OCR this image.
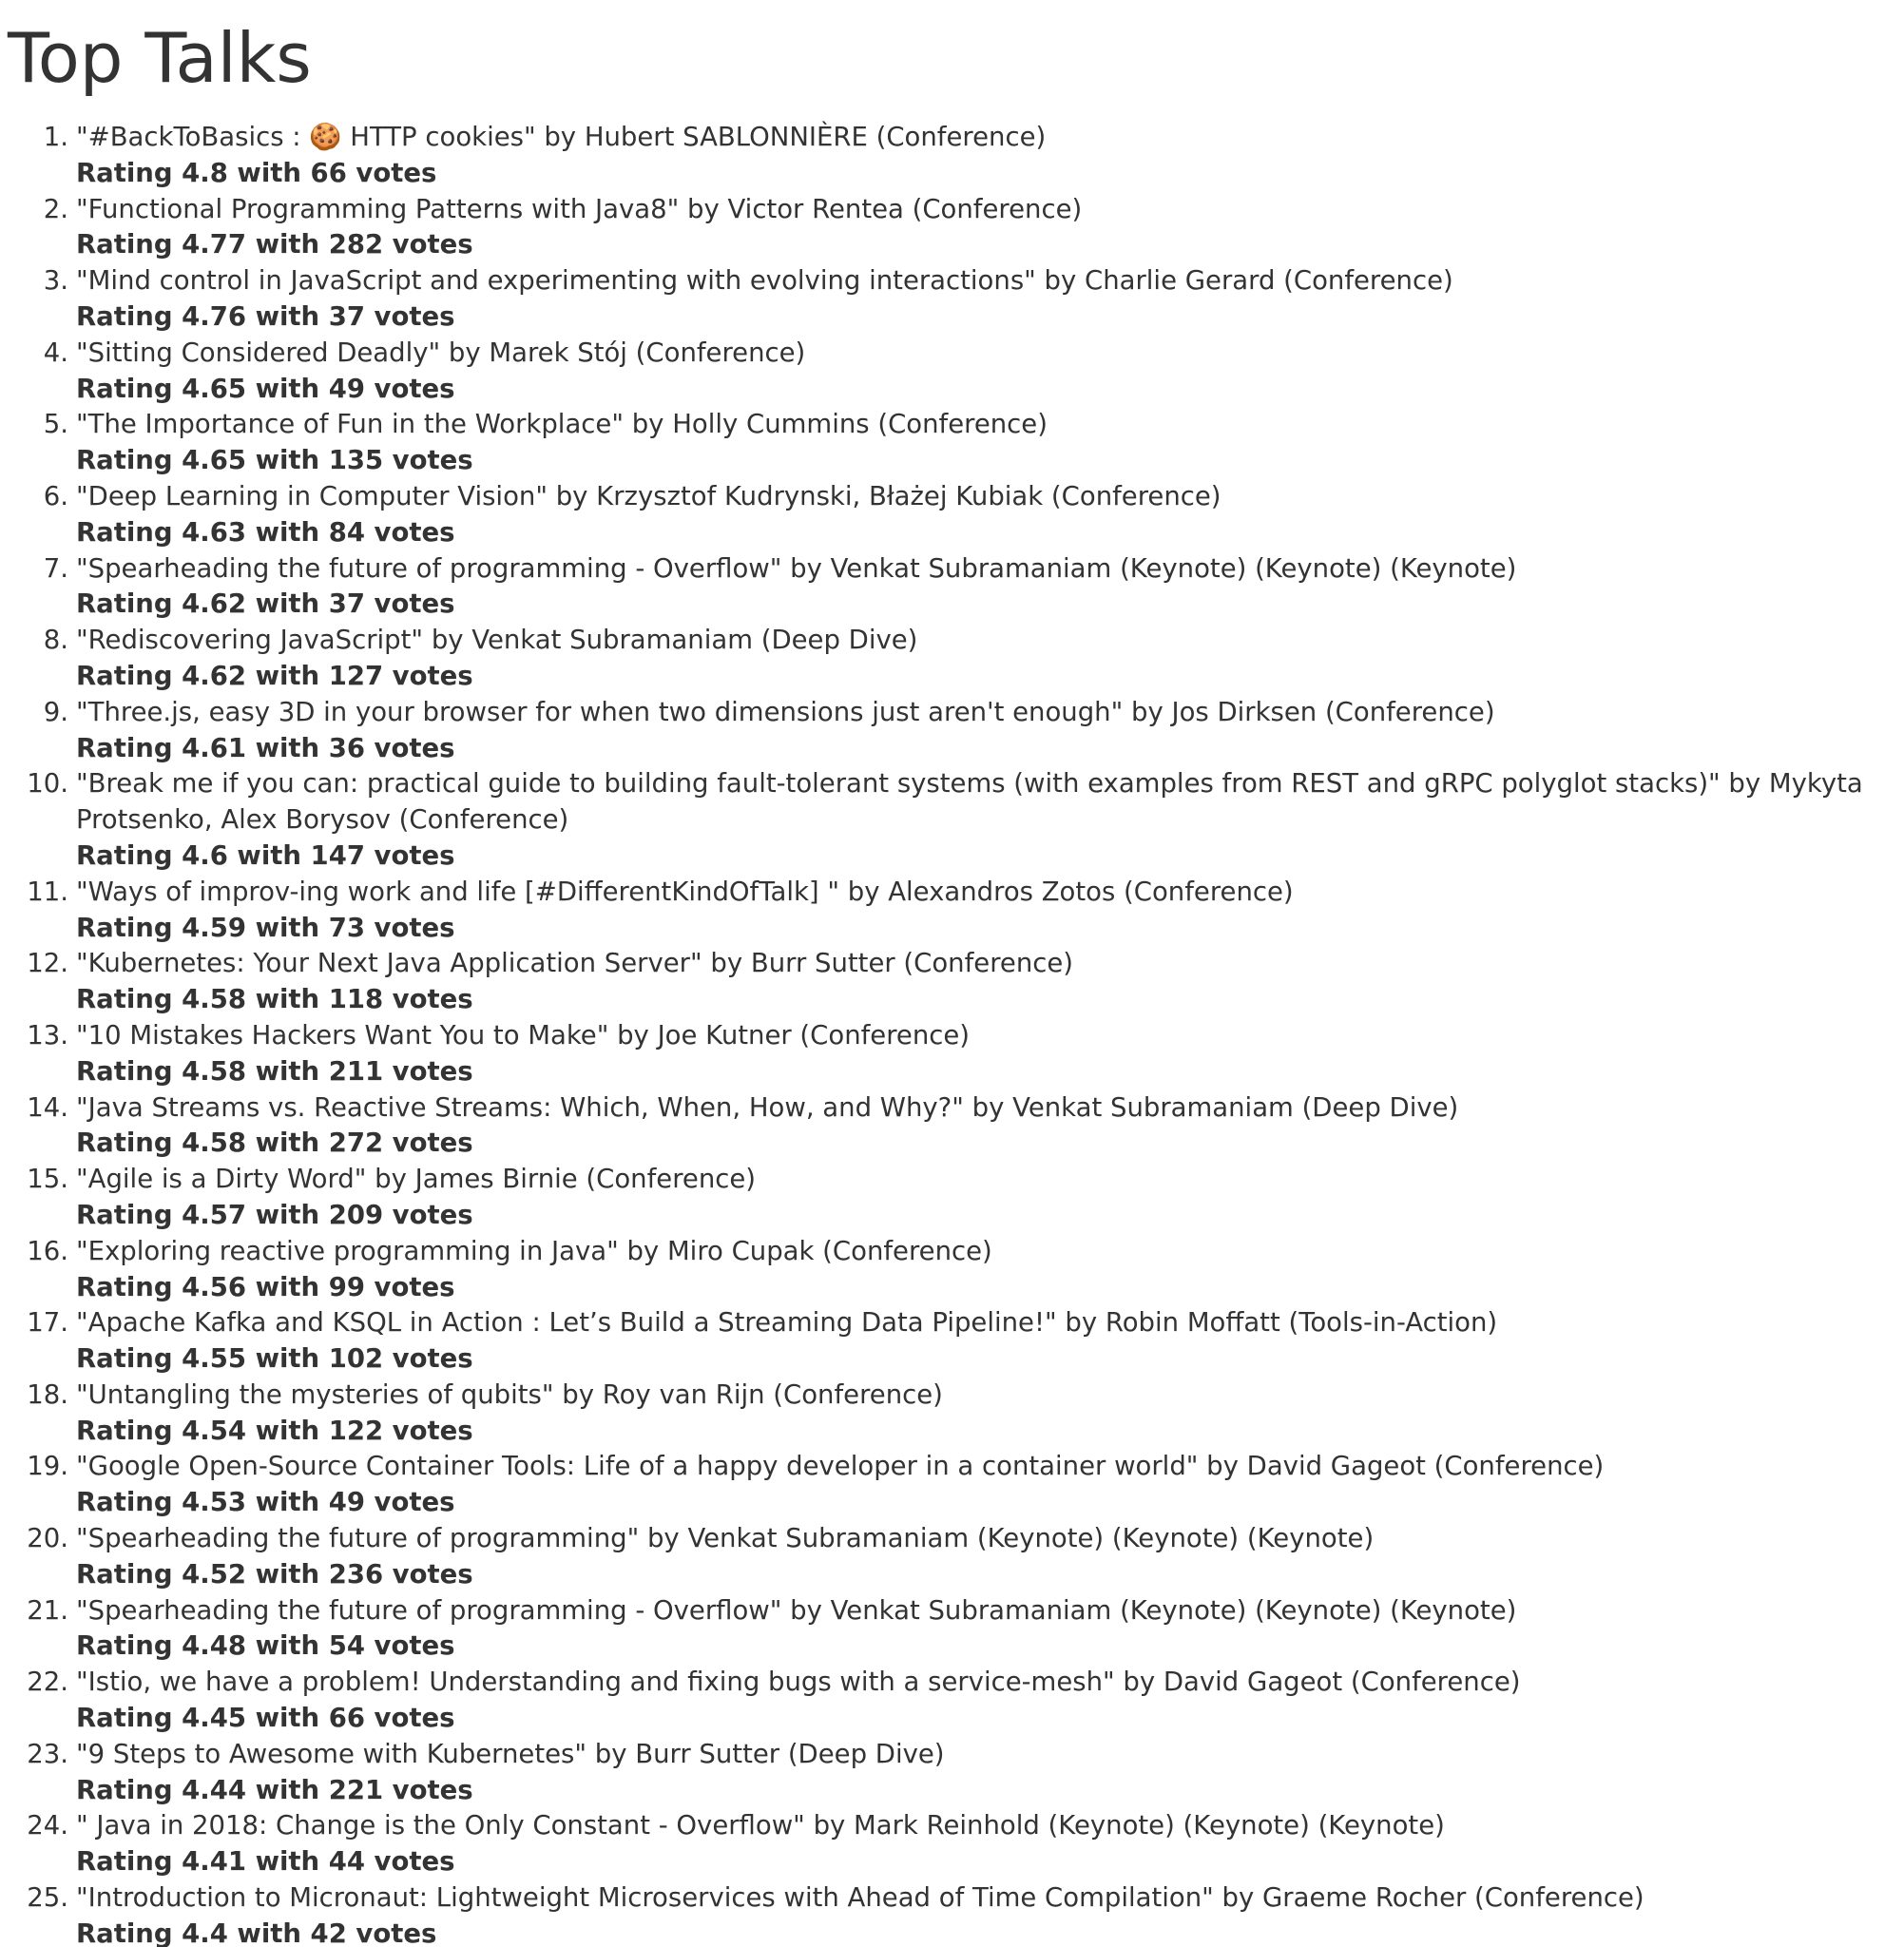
Top Talks
1. "#BackToBasics : 🍪 HTTP cookies" by Hubert SABLONNIÈRE (Conference)
Rating 4.8 with 66 votes
2. "Functional Programming Patterns with Java8" by Victor Rentea (Conference)
Rating 4.77 with 282 votes
3. "Mind control in JavaScript and experimenting with evolving interactions" by Charlie Gerard (Conference)
Rating 4.76 with 37 votes
4. "Sitting Considered Deadly" by Marek Stój (Conference)
Rating 4.65 with 49 votes
5. "The Importance of Fun in the Workplace" by Holly Cummins (Conference)
Rating 4.65 with 135 votes
6. "Deep Learning in Computer Vision" by Krzysztof Kudrynski, Błażej Kubiak (Conference)
Rating 4.63 with 84 votes
7. "Spearheading the future of programming - Overflow" by Venkat Subramaniam (Keynote) (Keynote) (Keynote)
Rating 4.62 with 37 votes
8. "Rediscovering JavaScript" by Venkat Subramaniam (Deep Dive)
Rating 4.62 with 127 votes
9. "Three.js, easy 3D in your browser for when two dimensions just aren't enough" by Jos Dirksen (Conference)
Rating 4.61 with 36 votes
10. "Break me if you can: practical guide to building fault-tolerant systems (with examples from REST and gRPC polyglot stacks)" by Mykyta Protsenko, Alex Borysov (Conference)
Rating 4.6 with 147 votes
11. "Ways of improv-ing work and life [#DifferentKindOfTalk] " by Alexandros Zotos (Conference)
Rating 4.59 with 73 votes
12. "Kubernetes: Your Next Java Application Server" by Burr Sutter (Conference)
Rating 4.58 with 118 votes
13. "10 Mistakes Hackers Want You to Make" by Joe Kutner (Conference)
Rating 4.58 with 211 votes
14. "Java Streams vs. Reactive Streams: Which, When, How, and Why?" by Venkat Subramaniam (Deep Dive)
Rating 4.58 with 272 votes
15. "Agile is a Dirty Word" by James Birnie (Conference)
Rating 4.57 with 209 votes
16. "Exploring reactive programming in Java" by Miro Cupak (Conference)
Rating 4.56 with 99 votes
17. "Apache Kafka and KSQL in Action : Let’s Build a Streaming Data Pipeline!" by Robin Moffatt (Tools-in-Action)
Rating 4.55 with 102 votes
18. "Untangling the mysteries of qubits" by Roy van Rijn (Conference)
Rating 4.54 with 122 votes
19. "Google Open-Source Container Tools: Life of a happy developer in a container world" by David Gageot (Conference)
Rating 4.53 with 49 votes
20. "Spearheading the future of programming" by Venkat Subramaniam (Keynote) (Keynote) (Keynote)
Rating 4.52 with 236 votes
21. "Spearheading the future of programming - Overflow" by Venkat Subramaniam (Keynote) (Keynote) (Keynote)
Rating 4.48 with 54 votes
22. "Istio, we have a problem! Understanding and fixing bugs with a service-mesh" by David Gageot (Conference)
Rating 4.45 with 66 votes
23. "9 Steps to Awesome with Kubernetes" by Burr Sutter (Deep Dive)
Rating 4.44 with 221 votes
24. " Java in 2018: Change is the Only Constant - Overflow" by Mark Reinhold (Keynote) (Keynote) (Keynote)
Rating 4.41 with 44 votes
25. "Introduction to Micronaut: Lightweight Microservices with Ahead of Time Compilation" by Graeme Rocher (Conference)
Rating 4.4 with 42 votes
